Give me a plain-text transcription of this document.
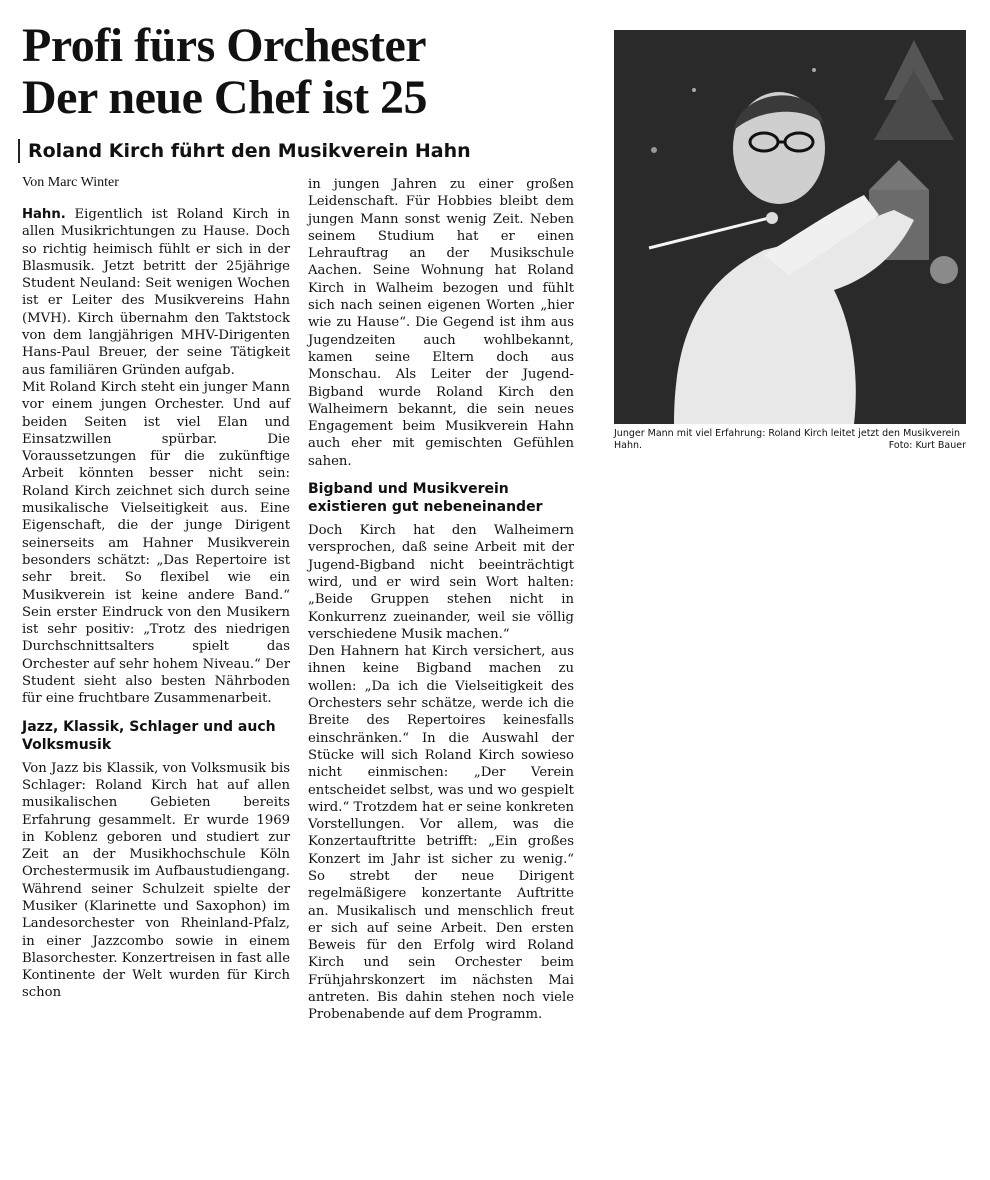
Profi fürs Orchester
Der neue Chef ist 25
Roland Kirch führt den Musikverein Hahn
Von Marc Winter

Hahn. Eigentlich ist Roland Kirch in allen Musikrichtungen zu Hause. Doch so richtig heimisch fühlt er sich in der Blasmusik. Jetzt betritt der 25jährige Student Neuland: Seit wenigen Wochen ist er Leiter des Musikvereins Hahn (MVH). Kirch übernahm den Taktstock von dem langjährigen MHV-Dirigenten Hans-Paul Breuer, der seine Tätigkeit aus familiären Gründen aufgab.

Mit Roland Kirch steht ein junger Mann vor einem jungen Orchester. Und auf beiden Seiten ist viel Elan und Einsatzwillen spürbar. Die Voraussetzungen für die zukünftige Arbeit könnten besser nicht sein: Roland Kirch zeichnet sich durch seine musikalische Vielseitigkeit aus. Eine Eigenschaft, die der junge Dirigent seinerseits am Hahner Musikverein besonders schätzt: „Das Repertoire ist sehr breit. So flexibel wie ein Musikverein ist keine andere Band.“ Sein erster Eindruck von den Musikern ist sehr positiv: „Trotz des niedrigen Durchschnittsalters spielt das Orchester auf sehr hohem Niveau.“ Der Student sieht also besten Nährboden für eine fruchtbare Zusammenarbeit.

Jazz, Klassik, Schlager und auch Volksmusik

Von Jazz bis Klassik, von Volksmusik bis Schlager: Roland Kirch hat auf allen musikalischen Gebieten bereits Erfahrung gesammelt. Er wurde 1969 in Koblenz geboren und studiert zur Zeit an der Musikhochschule Köln Orchestermusik im Aufbaustudiengang. Während seiner Schulzeit spielte der Musiker (Klarinette und Saxophon) im Landesorchester von Rheinland-Pfalz, in einer Jazzcombo sowie in einem Blasorchester. Konzertreisen in fast alle Kontinente der Welt wurden für Kirch schon

in jungen Jahren zu einer großen Leidenschaft. Für Hobbies bleibt dem jungen Mann sonst wenig Zeit. Neben seinem Studium hat er einen Lehrauftrag an der Musikschule Aachen. Seine Wohnung hat Roland Kirch in Walheim bezogen und fühlt sich nach seinen eigenen Worten „hier wie zu Hause“. Die Gegend ist ihm aus Jugendzeiten auch wohlbekannt, kamen seine Eltern doch aus Monschau. Als Leiter der Jugend-Bigband wurde Roland Kirch den Walheimern bekannt, die sein neues Engagement beim Musikverein Hahn auch eher mit gemischten Gefühlen sahen.

Bigband und Musikverein existieren gut nebeneinander

Doch Kirch hat den Walheimern versprochen, daß seine Arbeit mit der Jugend-Bigband nicht beeinträchtigt wird, und er wird sein Wort halten: „Beide Gruppen stehen nicht in Konkurrenz zueinander, weil sie völlig verschiedene Musik machen.“

Den Hahnern hat Kirch versichert, aus ihnen keine Bigband machen zu wollen: „Da ich die Vielseitigkeit des Orchesters sehr schätze, werde ich die Breite des Repertoires keinesfalls einschränken.“ In die Auswahl der Stücke will sich Roland Kirch sowieso nicht einmischen: „Der Verein entscheidet selbst, was und wo gespielt wird.“ Trotzdem hat er seine konkreten Vorstellungen. Vor allem, was die Konzertauftritte betrifft: „Ein großes Konzert im Jahr ist sicher zu wenig.“ So strebt der neue Dirigent regelmäßigere konzertante Auftritte an. Musikalisch und menschlich freut er sich auf seine Arbeit. Den ersten Beweis für den Erfolg wird Roland Kirch und sein Orchester beim Frühjahrskonzert im nächsten Mai antreten. Bis dahin stehen noch viele Probenabende auf dem Programm.

Junger Mann mit viel Erfahrung: Roland Kirch leitet jetzt den Musikverein Hahn.	Foto: Kurt Bauer
